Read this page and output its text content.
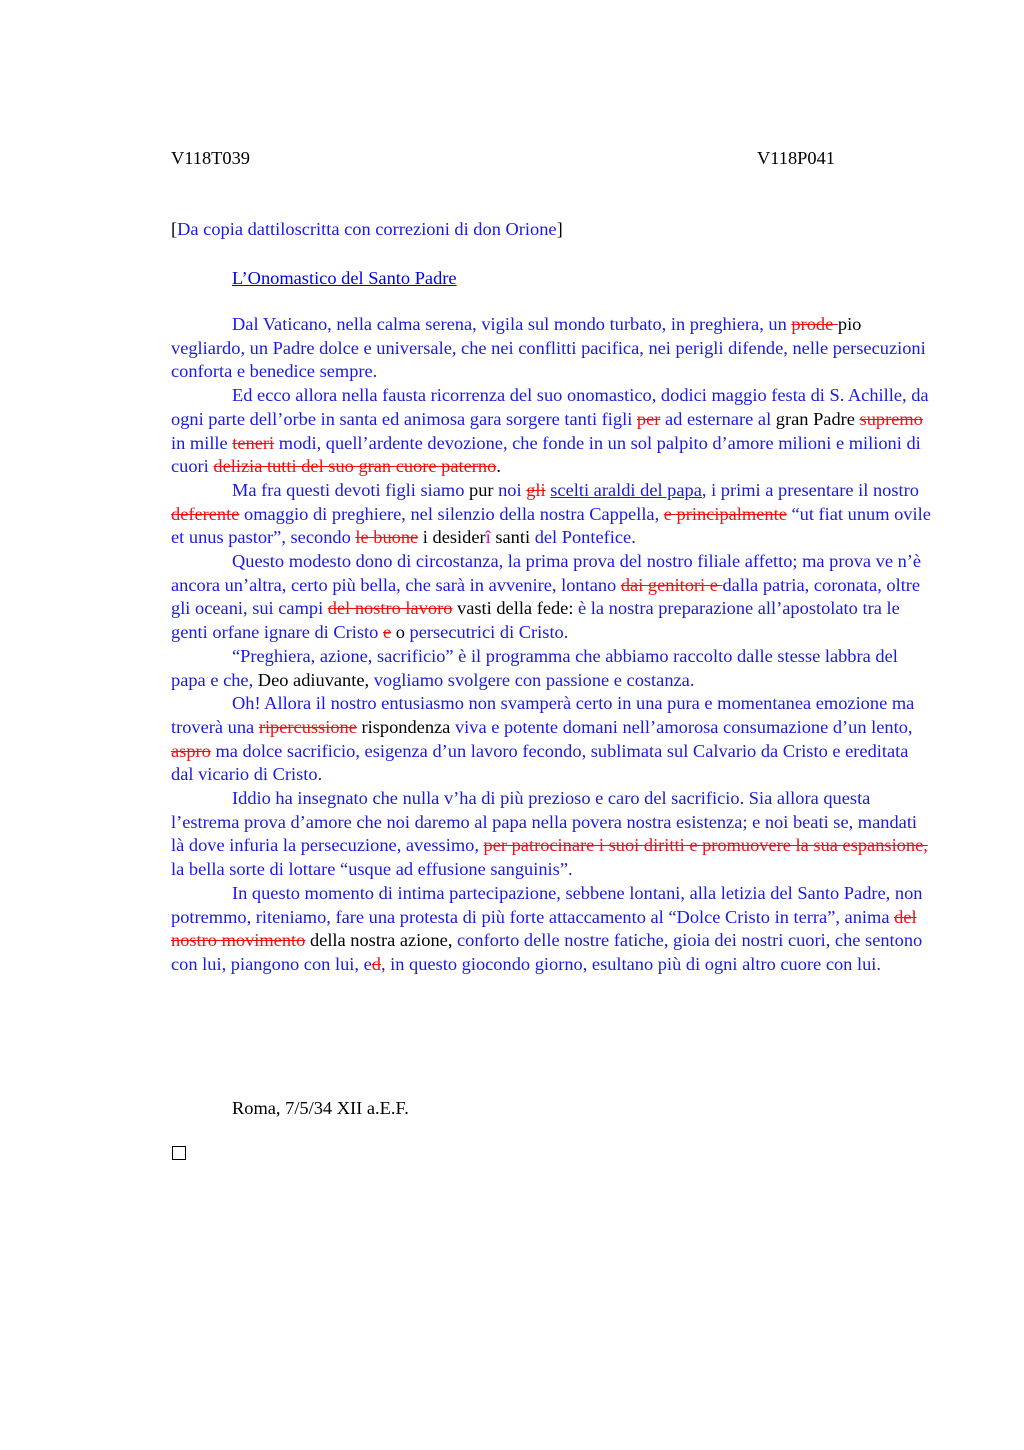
V118T039	V118P041
[Da copia dattiloscritta con correzioni di don Orione]
L’Onomastico del Santo Padre

Dal Vaticano, nella calma serena, vigila sul mondo turbato, in preghiera, un prode pio vegliardo, un Padre dolce e universale, che nei conflitti pacifica, nei perigli difende, nelle persecuzioni conforta e benedice sempre.

Ed ecco allora nella fausta ricorrenza del suo onomastico, dodici maggio festa di S. Achille, da ogni parte dell’orbe in santa ed animosa gara sorgere tanti figli per ad esternare al gran Padre supremo in mille teneri modi, quell’ardente devozione, che fonde in un sol palpito d’amore milioni e milioni di cuori delizia tutti del suo gran cuore paterno.

Ma fra questi devoti figli siamo pur noi gli scelti araldi del papa, i primi a presentare il nostro deferente omaggio di preghiere, nel silenzio della nostra Cappella, e principalmente “ut fiat unum ovile et unus pastor”, secondo le buone i desiderî santi del Pontefice.

Questo modesto dono di circostanza, la prima prova del nostro filiale affetto; ma prova ve n’è ancora un’altra, certo più bella, che sarà in avvenire, lontano dai genitori e dalla patria, coronata, oltre gli oceani, sui campi del nostro lavoro vasti della fede: è la nostra preparazione all’apostolato tra le genti orfane ignare di Cristo e o persecutrici di Cristo.

“Preghiera, azione, sacrificio” è il programma che abbiamo raccolto dalle stesse labbra del papa e che, Deo adiuvante, vogliamo svolgere con passione e costanza.

Oh! Allora il nostro entusiasmo non svamperà certo in una pura e momentanea emozione ma troverà una ripercussione rispondenza viva e potente domani nell’amorosa consumazione d’un lento, aspro ma dolce sacrificio, esigenza d’un lavoro fecondo, sublimata sul Calvario da Cristo e ereditata dal vicario di Cristo.

Iddio ha insegnato che nulla v’ha di più prezioso e caro del sacrificio. Sia allora questa l’estrema prova d’amore che noi daremo al papa nella povera nostra esistenza; e noi beati se, mandati là dove infuria la persecuzione, avessimo, per patrocinare i suoi diritti e promuovere la sua espansione, la bella sorte di lottare “usque ad effusione sanguinis”.

In questo momento di intima partecipazione, sebbene lontani, alla letizia del Santo Padre, non potremmo, riteniamo, fare una protesta di più forte attaccamento al “Dolce Cristo in terra”, anima del nostro movimento della nostra azione, conforto delle nostre fatiche, gioia dei nostri cuori, che sentono con lui, piangono con lui, ed, in questo giocondo giorno, esultano più di ogni altro cuore con lui.

Roma, 7/5/34 XII a.E.F.
